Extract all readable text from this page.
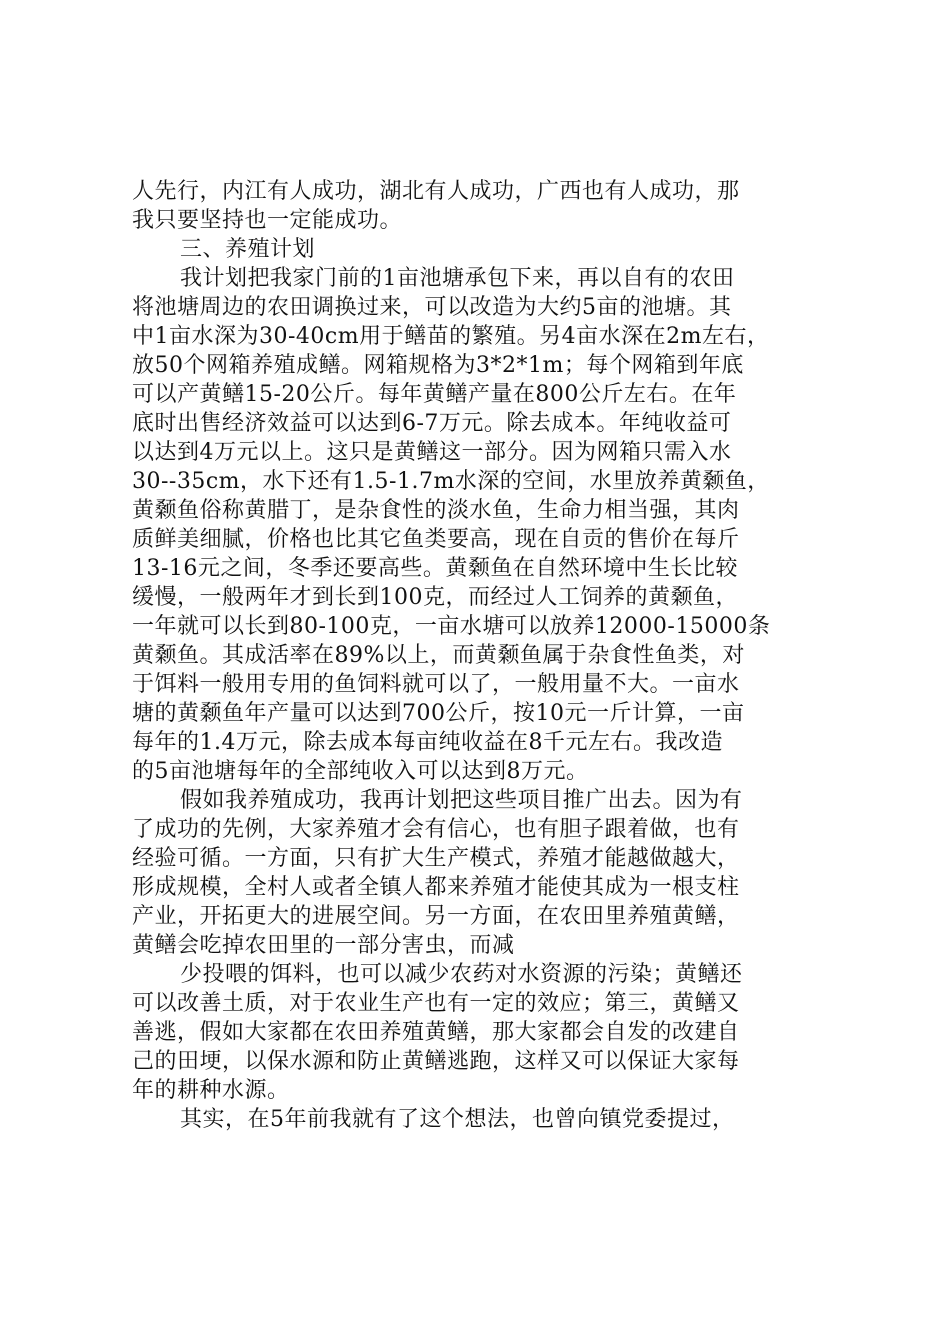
人先行，内江有人成功，湖北有人成功，广西也有人成功，那
我只要坚持也一定能成功。
三、养殖计划
我计划把我家门前的1亩池塘承包下来，再以自有的农田
将池塘周边的农田调换过来，可以改造为大约5亩的池塘。其
中1亩水深为30-40cm用于鳝苗的繁殖。另4亩水深在2m左右，
放50个网箱养殖成鳝。网箱规格为3*2*1m；每个网箱到年底
可以产黄鳝15-20公斤。每年黄鳝产量在800公斤左右。在年
底时出售经济效益可以达到6-7万元。除去成本。年纯收益可
以达到4万元以上。这只是黄鳝这一部分。因为网箱只需入水
30--35cm，水下还有1.5-1.7m水深的空间，水里放养黄颡鱼，
黄颡鱼俗称黄腊丁，是杂食性的淡水鱼，生命力相当强，其肉
质鲜美细腻，价格也比其它鱼类要高，现在自贡的售价在每斤
13-16元之间，冬季还要高些。黄颡鱼在自然环境中生长比较
缓慢，一般两年才到长到100克，而经过人工饲养的黄颡鱼，
一年就可以长到80-100克，一亩水塘可以放养12000-15000条
黄颡鱼。其成活率在89%以上，而黄颡鱼属于杂食性鱼类，对
于饵料一般用专用的鱼饲料就可以了，一般用量不大。一亩水
塘的黄颡鱼年产量可以达到700公斤，按10元一斤计算，一亩
每年的1.4万元，除去成本每亩纯收益在8千元左右。我改造
的5亩池塘每年的全部纯收入可以达到8万元。
假如我养殖成功，我再计划把这些项目推广出去。因为有
了成功的先例，大家养殖才会有信心，也有胆子跟着做，也有
经验可循。一方面，只有扩大生产模式，养殖才能越做越大，
形成规模，全村人或者全镇人都来养殖才能使其成为一根支柱
产业，开拓更大的进展空间。另一方面，在农田里养殖黄鳝，
黄鳝会吃掉农田里的一部分害虫，而减
少投喂的饵料，也可以减少农药对水资源的污染；黄鳝还
可以改善土质，对于农业生产也有一定的效应；第三，黄鳝又
善逃，假如大家都在农田养殖黄鳝，那大家都会自发的改建自
己的田埂，以保水源和防止黄鳝逃跑，这样又可以保证大家每
年的耕种水源。
其实，在5年前我就有了这个想法，也曾向镇党委提过，
